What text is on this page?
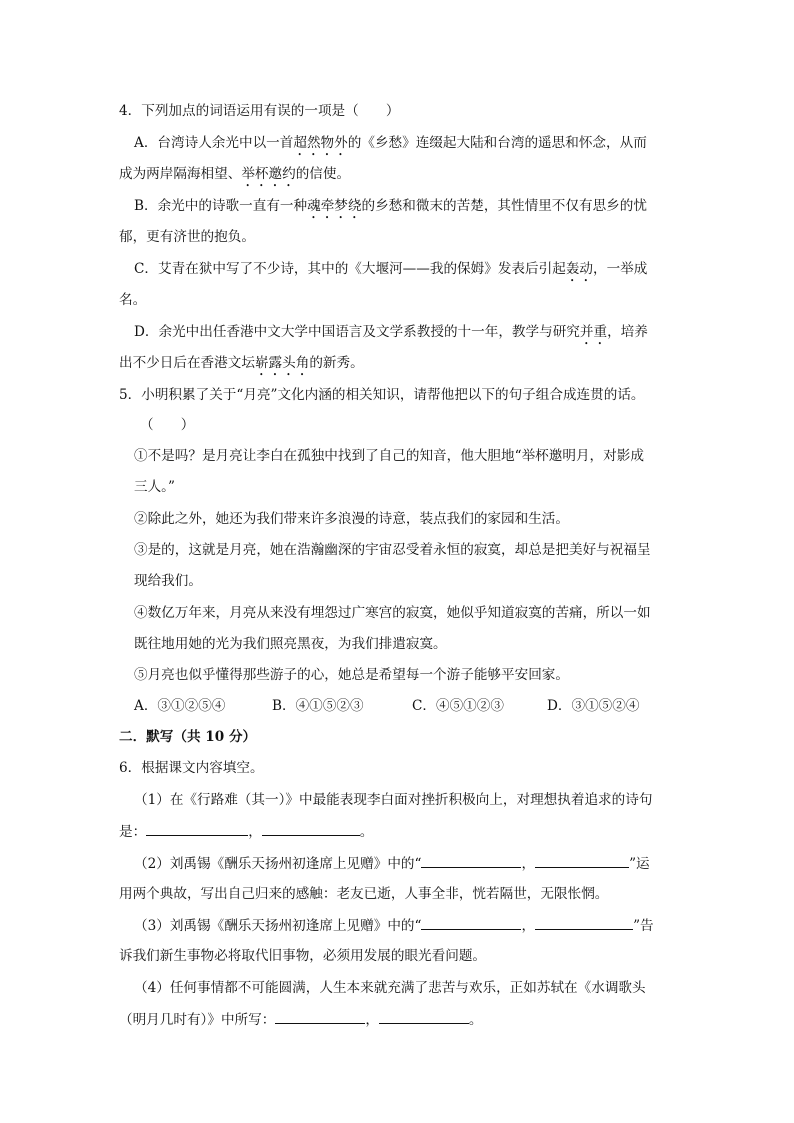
4．下列加点的词语运用有误的一项是（　　）
A．台湾诗人余光中以一首超然物外的《乡愁》连缀起大陆和台湾的遥思和怀念，从而
成为两岸隔海相望、举杯邀约的信使。
B．余光中的诗歌一直有一种魂牵梦绕的乡愁和微末的苦楚，其性情里不仅有思乡的忧
郁，更有济世的抱负。
C．艾青在狱中写了不少诗，其中的《大堰河——我的保姆》发表后引起轰动，一举成
名。
D．余光中出任香港中文大学中国语言及文学系教授的十一年，教学与研究并重，培养
出不少日后在香港文坛崭露头角的新秀。
5．小明积累了关于“月亮”文化内涵的相关知识，请帮他把以下的句子组合成连贯的话。
（　　）
①不是吗？是月亮让李白在孤独中找到了自己的知音，他大胆地“举杯邀明月，对影成
三人。”
②除此之外，她还为我们带来许多浪漫的诗意，装点我们的家园和生活。
③是的，这就是月亮，她在浩瀚幽深的宇宙忍受着永恒的寂寞，却总是把美好与祝福呈
现给我们。
④数亿万年来，月亮从来没有埋怨过广寒宫的寂寞，她似乎知道寂寞的苦痛，所以一如
既往地用她的光为我们照亮黑夜，为我们排遣寂寞。
⑤月亮也似乎懂得那些游子的心，她总是希望每一个游子能够平安回家。
A．③①②⑤④	B．④①⑤②③	C．④⑤①②③	D．③①⑤②④
二．默写（共 10 分）
6．根据课文内容填空。
（1）在《行路难（其一）》中最能表现李白面对挫折积极向上，对理想执着追求的诗句
是：	，	。
（2）刘禹锡《酬乐天扬州初逢席上见赠》中的“	，	”运
用两个典故，写出自己归来的感触：老友已逝，人事全非，恍若隔世，无限怅惘。
（3）刘禹锡《酬乐天扬州初逢席上见赠》中的“	，	”告
诉我们新生事物必将取代旧事物，必须用发展的眼光看问题。
（4）任何事情都不可能圆满，人生本来就充满了悲苦与欢乐，正如苏轼在《水调歌头
（明月几时有）》中所写：	，	。
